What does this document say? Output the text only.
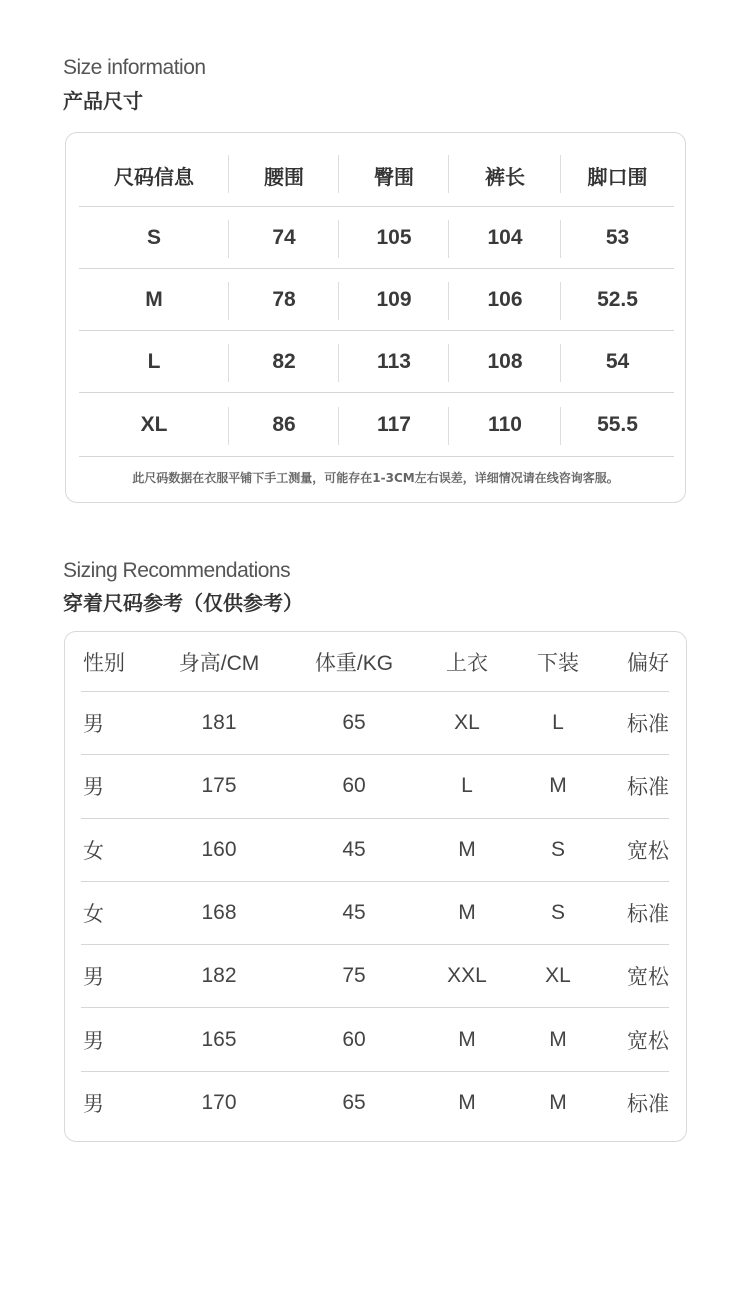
Size information
产品尺寸
尺码信息	腰围	臀围	裤长	脚口围
S	74	105	104	53
M	78	109	106	52.5
L	82	113	108	54
XL	86	117	110	55.5
此尺码数据在衣服平铺下手工测量，可能存在1-3CM左右误差，详细情况请在线咨询客服。
Sizing Recommendations
穿着尺码参考（仅供参考）
性别	身高/CM	体重/KG	上衣	下装	偏好
男	181	65	XL	L	标准
男	175	60	L	M	标准
女	160	45	M	S	宽松
女	168	45	M	S	标准
男	182	75	XXL	XL	宽松
男	165	60	M	M	宽松
男	170	65	M	M	标准
